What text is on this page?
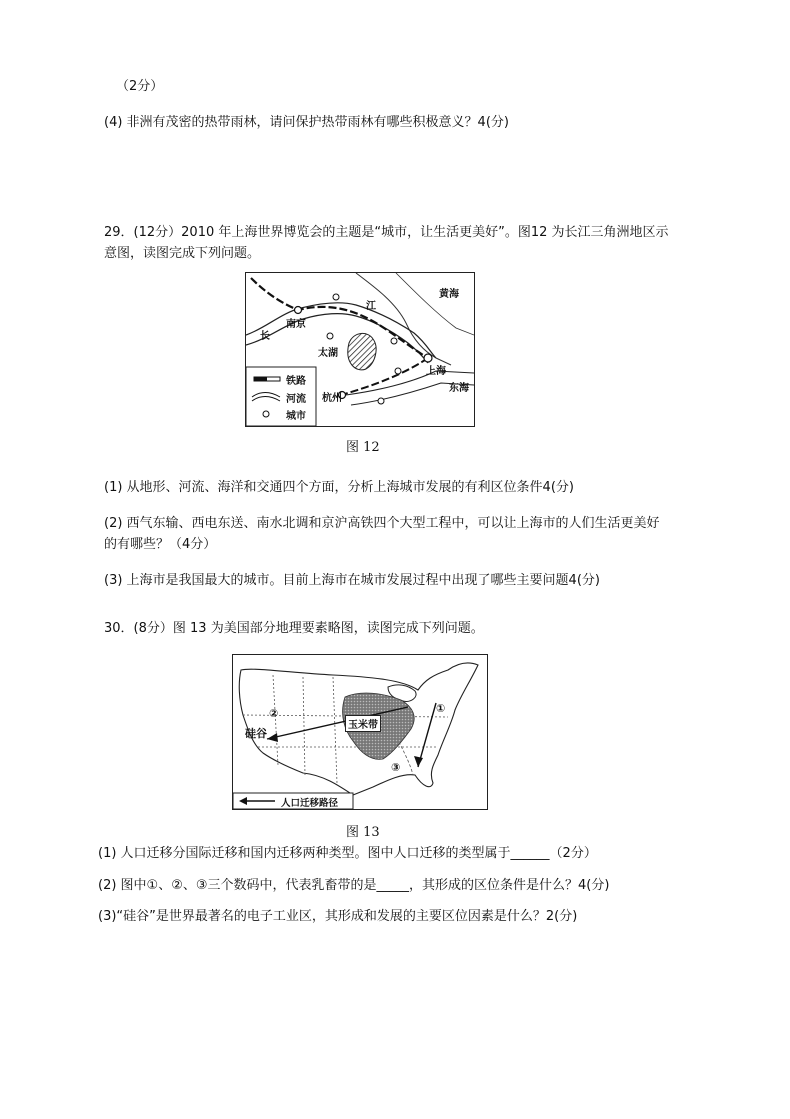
（2分）
(4) 非洲有茂密的热带雨林，请问保护热带雨林有哪些积极意义？4(分)
29．(12分）2010 年上海世界博览会的主题是“城市，让生活更美好”。图12 为长江三角洲地区示
意图，读图完成下列问题。
黄海
江
长
南京
太湖
上海
东海
杭州
铁路
河流
城市
图 12
(1) 从地形、河流、海洋和交通四个方面，分析上海城市发展的有利区位条件4(分)
(2) 西气东输、西电东送、南水北调和京沪高铁四个大型工程中，可以让上海市的人们生活更美好
的有哪些？（4分）
(3) 上海市是我国最大的城市。目前上海市在城市发展过程中出现了哪些主要问题4(分)
30．(8分）图 13 为美国部分地理要素略图，读图完成下列问题。
②
硅谷
玉米带
①
③
人口迁移路径
图 13
(1) 人口迁移分国际迁移和国内迁移两种类型。图中人口迁移的类型属于______（2分）
(2) 图中①、②、③三个数码中，代表乳畜带的是_____，其形成的区位条件是什么？4(分)
(3)“硅谷”是世界最著名的电子工业区，其形成和发展的主要区位因素是什么？2(分)
